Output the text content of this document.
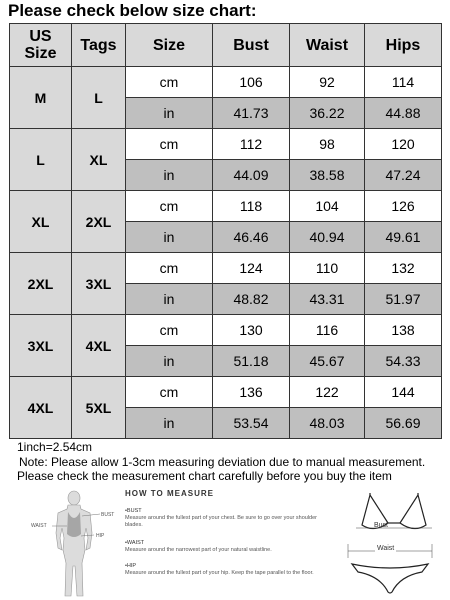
Please check below size chart:
US Size	Tags	Size	Bust	Waist	Hips
M	L	cm	106	92	114
		in	41.73	36.22	44.88
L	XL	cm	112	98	120
		in	44.09	38.58	47.24
XL	2XL	cm	118	104	126
		in	46.46	40.94	49.61
2XL	3XL	cm	124	110	132
		in	48.82	43.31	51.97
3XL	4XL	cm	130	116	138
		in	51.18	45.67	54.33
4XL	5XL	cm	136	122	144
		in	53.54	48.03	56.69
1inch=2.54cm
Note: Please allow 1-3cm measuring deviation due to manual measurement.
Please check the measurement chart carefully before you buy the item
BUST
WAIST
HIP
HOW TO MEASURE
•BUST
Measure around the fullest part of your chest. Be sure to go over your shoulder blades.
•WAIST
Measure around the narrowest part of your natural waistline.
•HIP
Measure around the fullest part of your hip. Keep the tape parallel to the floor.
Bust
Waist
